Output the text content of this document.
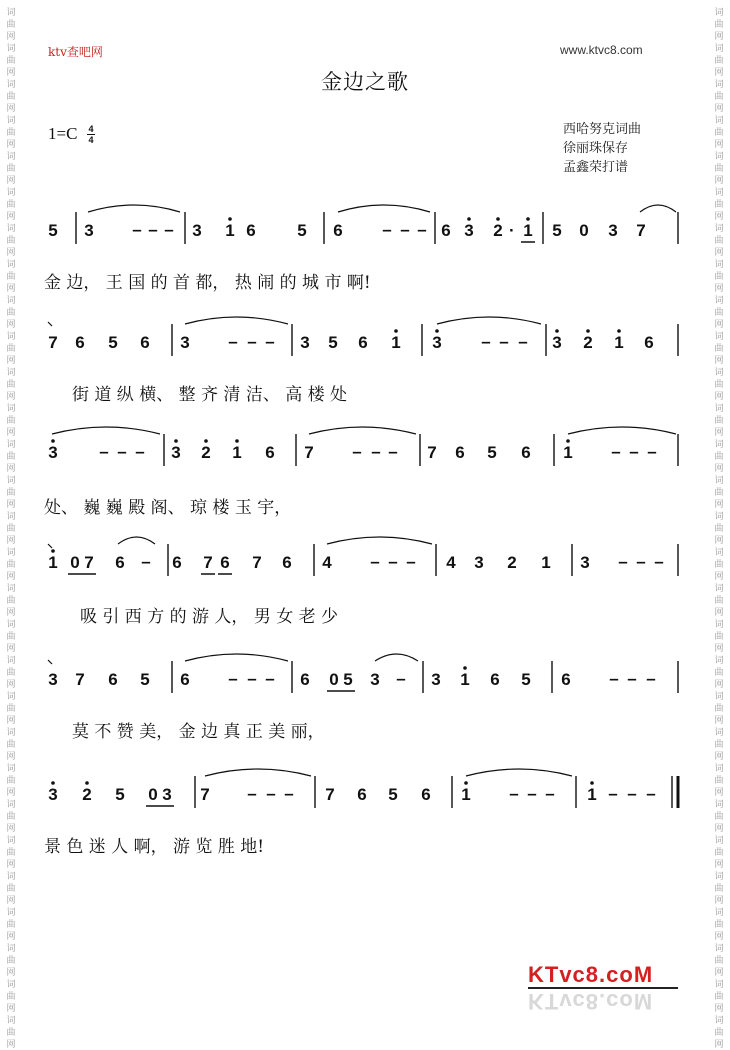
词
曲
网
词
曲
网
词
曲
网
词
曲
网
词
曲
网
词
曲
网
词
曲
网
词
曲
网
词
曲
网
词
曲
网
词
曲
网
词
曲
网
词
曲
网
词
曲
网
词
曲
网
词
曲
网
词
曲
网
词
曲
网
词
曲
网
词
曲
网
词
曲
网
词
曲
网
词
曲
网
词
曲
网
词
曲
网
词
曲
网
词
曲
网
词
曲
网
词
曲
网
词
曲
网
词
曲
网
词
曲
网
词
曲
网
词
曲
网
词
曲
网
词
曲
网
词
曲
网
词
曲
网
词
曲
网
词
曲
网
词
曲
网
词
曲
网
词
曲
网
词
曲
网
词
曲
网
词
曲
网
词
曲
网
词
曲
网
词
曲
网
词
曲
网
词
曲
网
词
曲
网
词
曲
网
词
曲
网
词
曲
网
词
曲
网
词
曲
网
词
曲
网
ktv查吧网	www.ktvc8.com
金边之歌
1=C 4
4
西哈努克词曲
徐丽珠保存
孟鑫荣打谱
5 3 – – – 3 1 6 5 6 – – – 6 3 2 · 1 5 0 3 7
7 6 5 6 3 – – – 3 5 6 1 3 – – – 3 2 1 6
3 – – – 3 2 1 6 7 – – – 7 6 5 6 1 – – –
1 0 7 6 – 6 7 6 7 6 4 – – – 4 3 2 1 3 – – –
3 7 6 5 6 – – – 6 0 5 3 – 3 1 6 5 6 – – –
3 2 5 0 3 7 – – – 7 6 5 6 1 – – – 1 – – –
金 边， 王 国 的 首 都， 热 闹 的 城 市 啊!
街 道 纵 横、 整 齐 清 洁、 高 楼 处
处、 巍 巍 殿 阁、 琼 楼 玉 宇，
吸 引 西 方 的 游 人， 男 女 老 少
莫 不 赞 美， 金 边 真 正 美 丽，
景 色 迷 人 啊， 游 览 胜 地!
KTvc8.coM
KTvc8.coM
